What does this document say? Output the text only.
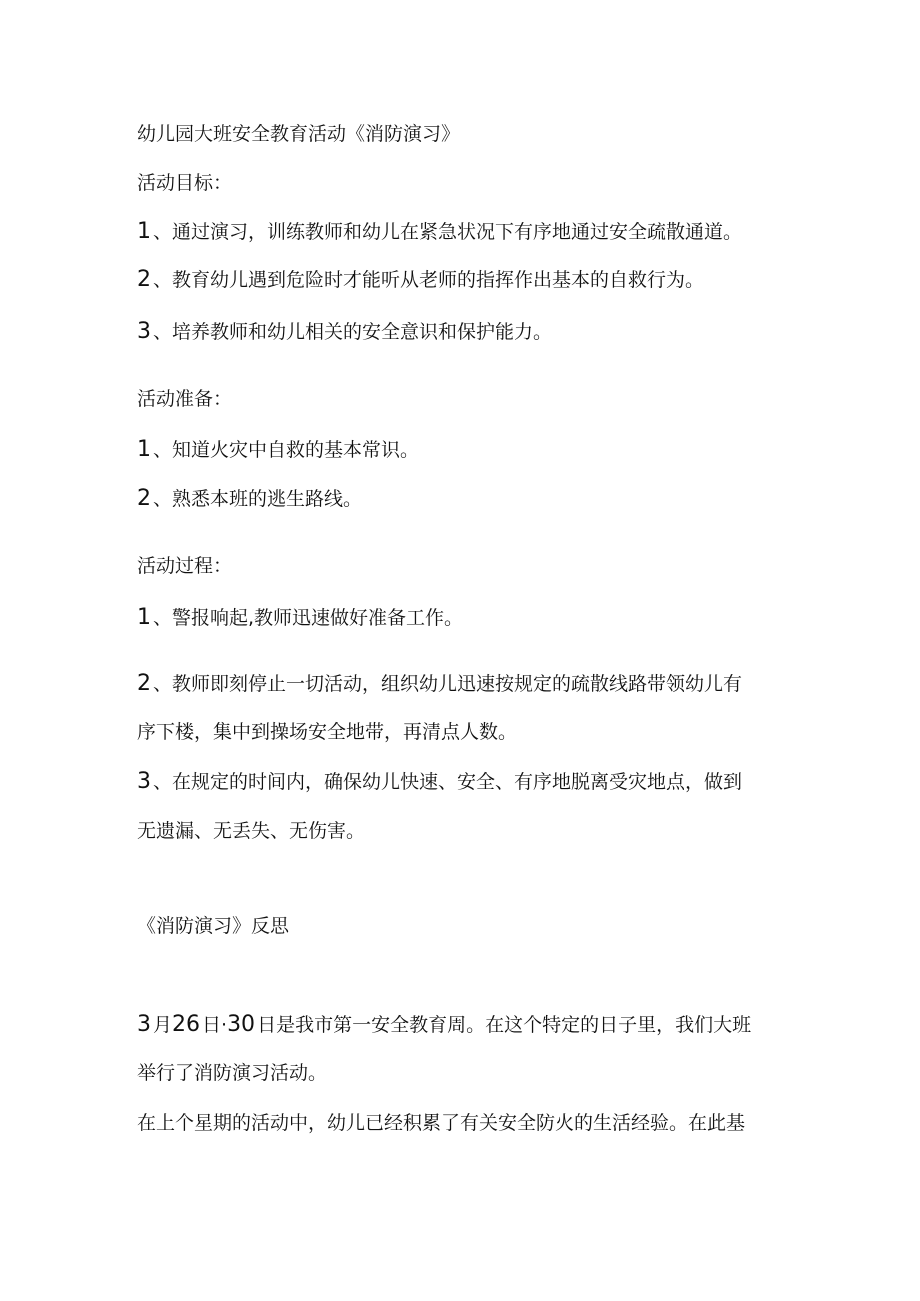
幼儿园大班安全教育活动《消防演习》
活动目标：
1 、通过演习，训练教师和幼儿在紧急状况下有序地通过安全疏散通道。
2 、教育幼儿遇到危险时才能听从老师的指挥作出基本的自救行为。
3 、培养教师和幼儿相关的安全意识和保护能力。
活动准备：
1 、知道火灾中自救的基本常识。
2 、熟悉本班的逃生路线。
活动过程：
1 、警报响起,教师迅速做好准备工作。
2 、教师即刻停止一切活动，组织幼儿迅速按规定的疏散线路带领幼儿有
序下楼，集中到操场安全地带，再清点人数。
3 、在规定的时间内，确保幼儿快速、安全、有序地脱离受灾地点，做到
无遗漏、无丢失、无伤害。
《消防演习》反思
3 月26 日·30 日是我市第一安全教育周。在这个特定的日子里，我们大班
举行了消防演习活动。
在上个星期的活动中，幼儿已经积累了有关安全防火的生活经验。在此基
